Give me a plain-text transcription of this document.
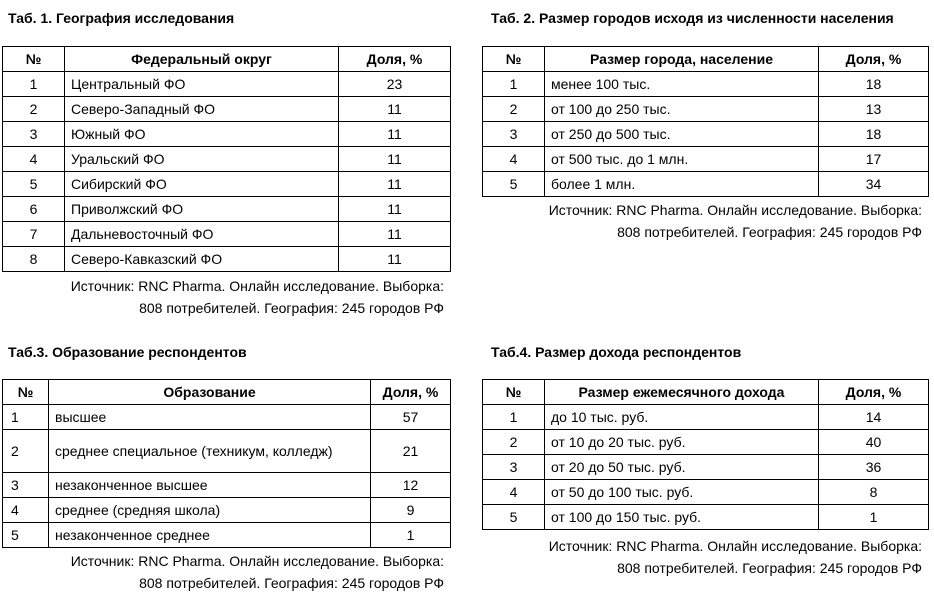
Таб. 1. География исследования
№	Федеральный округ	Доля, %
1	Центральный ФО	23
2	Северо-Западный ФО	11
3	Южный ФО	11
4	Уральский ФО	11
5	Сибирский ФО	11
6	Приволжский ФО	11
7	Дальневосточный ФО	11
8	Северо-Кавказский ФО	11
Источник: RNC Pharma. Онлайн исследование. Выборка:
808 потребителей. География: 245 городов РФ
Таб. 2. Размер городов исходя из численности населения
№	Размер города, население	Доля, %
1	менее 100 тыс.	18
2	от 100 до 250 тыс.	13
3	от 250 до 500 тыс.	18
4	от 500 тыс. до 1 млн.	17
5	более 1 млн.	34
Источник: RNC Pharma. Онлайн исследование. Выборка:
808 потребителей. География: 245 городов РФ
Таб.3. Образование респондентов
№	Образование	Доля, %
1	высшее	57
2	среднее специальное (техникум, колледж)	21
3	незаконченное высшее	12
4	среднее (средняя школа)	9
5	незаконченное среднее	1
Источник: RNC Pharma. Онлайн исследование. Выборка:
808 потребителей. География: 245 городов РФ
Таб.4. Размер дохода респондентов
№	Размер ежемесячного дохода	Доля, %
1	до 10 тыс. руб.	14
2	от 10 до 20 тыс. руб.	40
3	от 20 до 50 тыс. руб.	36
4	от 50 до 100 тыс. руб.	8
5	от 100 до 150 тыс. руб.	1
Источник: RNC Pharma. Онлайн исследование. Выборка:
808 потребителей. География: 245 городов РФ
